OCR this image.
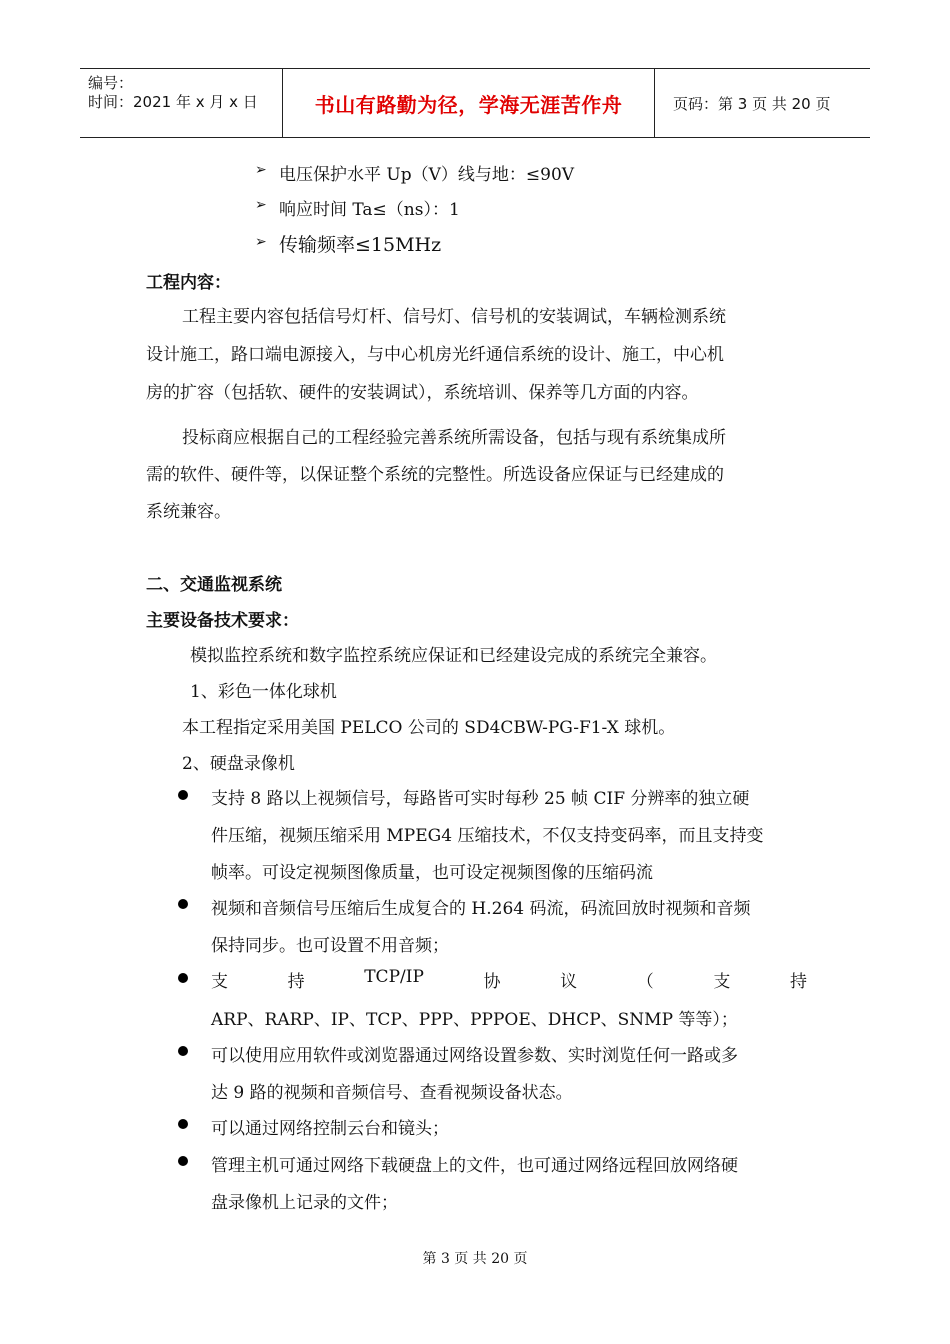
编号：
时间：2021 年 x 月 x 日	书山有路勤为径，学海无涯苦作舟	页码：第 3 页 共 20 页
➢ 电压保护水平 Up（V）线与地：≤90V
➢ 响应时间 Ta≤（ns）：1
➢ 传输频率≤15MHz
工程内容：
工程主要内容包括信号灯杆、信号灯、信号机的安装调试，车辆检测系统
设计施工，路口端电源接入，与中心机房光纤通信系统的设计、施工，中心机
房的扩容（包括软、硬件的安装调试），系统培训、保养等几方面的内容。
投标商应根据自己的工程经验完善系统所需设备，包括与现有系统集成所
需的软件、硬件等，以保证整个系统的完整性。所选设备应保证与已经建成的
系统兼容。
二、交通监视系统
主要设备技术要求：
模拟监控系统和数字监控系统应保证和已经建设完成的系统完全兼容。
1、彩色一体化球机
本工程指定采用美国 PELCO 公司的 SD4CBW-PG-F1-X 球机。
2、硬盘录像机
支持 8 路以上视频信号，每路皆可实时每秒 25 帧 CIF 分辨率的独立硬
件压缩，视频压缩采用 MPEG4 压缩技术，不仅支持变码率，而且支持变
帧率。可设定视频图像质量，也可设定视频图像的压缩码流
视频和音频信号压缩后生成复合的 H.264 码流，码流回放时视频和音频
保持同步。也可设置不用音频；
支	持	TCP/IP	协	议	（	支	持
ARP、RARP、IP、TCP、PPP、PPPOE、DHCP、SNMP 等等）；
可以使用应用软件或浏览器通过网络设置参数、实时浏览任何一路或多
达 9 路的视频和音频信号、查看视频设备状态。
可以通过网络控制云台和镜头；
管理主机可通过网络下载硬盘上的文件，也可通过网络远程回放网络硬
盘录像机上记录的文件；
第 3 页 共 20 页
